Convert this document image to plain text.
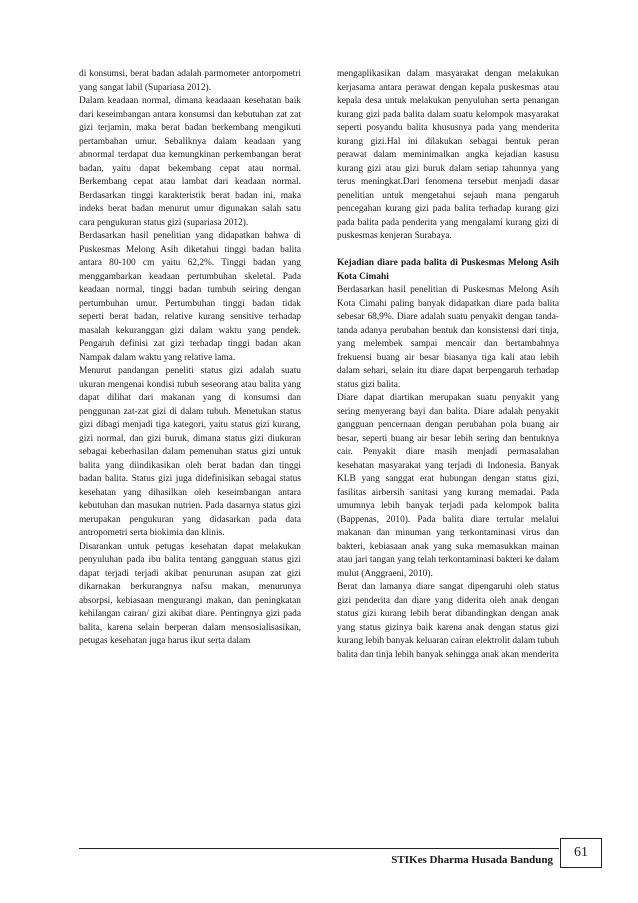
di konsumsi, berat badan adalah parmometer antorpometri yang sangat labil (Supariasa 2012).

Dalam keadaan normal, dimana keadaaan kesehatan baik dari keseimbangan antara konsumsi dan kebutuhan zat zat gizi terjamin, maka berat badan berkembang mengikuti pertambahan umur. Sebaliknya dalam keadaan yang abnormal terdapat dua kemungkinan perkembangan berat badan, yaitu dapat bekembang cepat atau normal. Berkembang cepat atau lambat dari keadaan normal. Berdasarkan tinggi karakteristik berat badan ini, maka indeks berat badan menurut umur digunakan salah satu cara pengukuran status gizi (supariasa 2012).

Berdasarkan hasil penelitian yang didapatkan bahwa di Puskesmas Melong Asih diketahui tinggi badan balita antara 80-100 cm yaitu 62,2%. Tinggi badan yang menggambarkan keadaan pertumbuhan skeletal. Pada keadaan normal, tinggi badan tumbuh seiring dengan pertumbuhan umur. Pertumbuhan tinggi badan tidak seperti berat badan, relative kurang sensitive terhadap masalah kekuranggan gizi dalam waktu yang pendek. Pengaruh definisi zat gizi terhadap tinggi badan akan Nampak dalam waktu yang relative lama.

Menurut pandangan peneliti status gizi adalah suatu ukuran mengenai kondisi tubuh seseorang atau balita yang dapat dilihat dari makanan yang di konsumsi dan penggunan zat-zat gizi di dalam tubuh. Menetukan status gizi dibagi menjadi tiga kategori, yaitu status gizi kurang, gizi normal, dan gizi buruk, dimana status gizi diukuran sebagai keberhasilan dalam pemenuhan status gizi untuk balita yang diindikasikan oleh berat badan dan tinggi badan balita. Status gizi juga didefinisikan sebagai status kesehatan yang dihasilkan oleh keseimbangan antara kebutuhan dan masukan nutrien. Pada dasarnya status gizi merupakan pengukuran yang didasarkan pada data antropometri serta biokimia dan klinis.

Disarankan untuk petugas kesehatan dapat melakukan penyuluhan pada ibu balita tentang gangguan status gizi dapat terjadi terjadi akibat penurunan asupan zat gizi dikarnakan berkurangnya nafsu makan, menurunya absorpsi, kebiasaan mengurangi makan, dan peningkatan kehilangan cairan/ gizi akibat diare. Pentingnya gizi pada balita, karena selain berperan dalam mensosialisasikan, petugas kesehatan juga harus ikut serta dalam

mengaplikasikan dalam masyarakat dengan melakukan kerjasama antara perawat dengan kepala puskesmas atau kepala desa untuk melakukan penyuluhan serta penangan kurang gizi pada balita dalam suatu kelompok masyarakat seperti posyandu balita khususnya pada yang menderita kurang gizi.Hal ini dilakukan sebagai bentuk peran perawat dalam meminimalkan angka kejadian kasusu kurang gizi atau gizi buruk dalam setiap tahunnya yang terus meningkat.Dari fenomena tersebut menjadi dasar penelitian untuk mengetahui sejauh mana pengaruh pencegahan kurang gizi pada balita terhadap kurang gizi pada balita pada penderita yang mengalami kurang gizi di puskesmas kenjeran Surabaya.

Kejadian diare pada balita di Puskesmas Melong Asih Kota Cimahi

Berdasarkan hasil penelitian di Puskesmas Melong Asih Kota Cimahi paling banyak didapatkan diare pada balita sebesar 68,9%. Diare adalah suatu penyakit dengan tanda-tanda adanya perubahan bentuk dan konsistensi dari tinja, yang melembek sampai mencair dan bertambahnya frekuensi buang air besar biasanya tiga kali atau lebih dalam sehari, selain itu diare dapat berpengaruh terhadap status gizi balita.

Diare dapat diartikan merupakan suatu penyakit yang sering menyerang bayi dan balita. Diare adalah penyakit gangguan pencernaan dengan perubahan pola buang air besar, seperti buang air besar lebih sering dan bentuknya cair. Penyakit diare masih menjadi permasalahan kesehatan masyarakat yang terjadi di Indonesia. Banyak KLB yang sanggat erat hubungan dengan status gizi, fasilitas airbersih sanitasi yang kurang memadai. Pada umumnya lebih banyak terjadi pada kelompok balita (Bappenas, 2010). Pada balita diare tertular melalui makanan dan minuman yang terkontaminasi virus dan bakteri, kebiasaan anak yang suka memasukkan mainan atau jari tangan yang telah terkontaminasi bakteri ke dalam mulut (Anggraeni, 2010).

Berat dan lamanya diare sangat dipengaruhi oleh status gizi penderita dan diare yang diderita oleh anak dengan status gizi kurang lebih berat dibandingkan dengan anak yang status gizinya baik karena anak dengan status gizi kurang lebih banyak keluaran cairan elektrolit dalam tubuh balita dan tinja lebih banyak sehingga anak akan menderita

STIKes Dharma Husada Bandung	61
